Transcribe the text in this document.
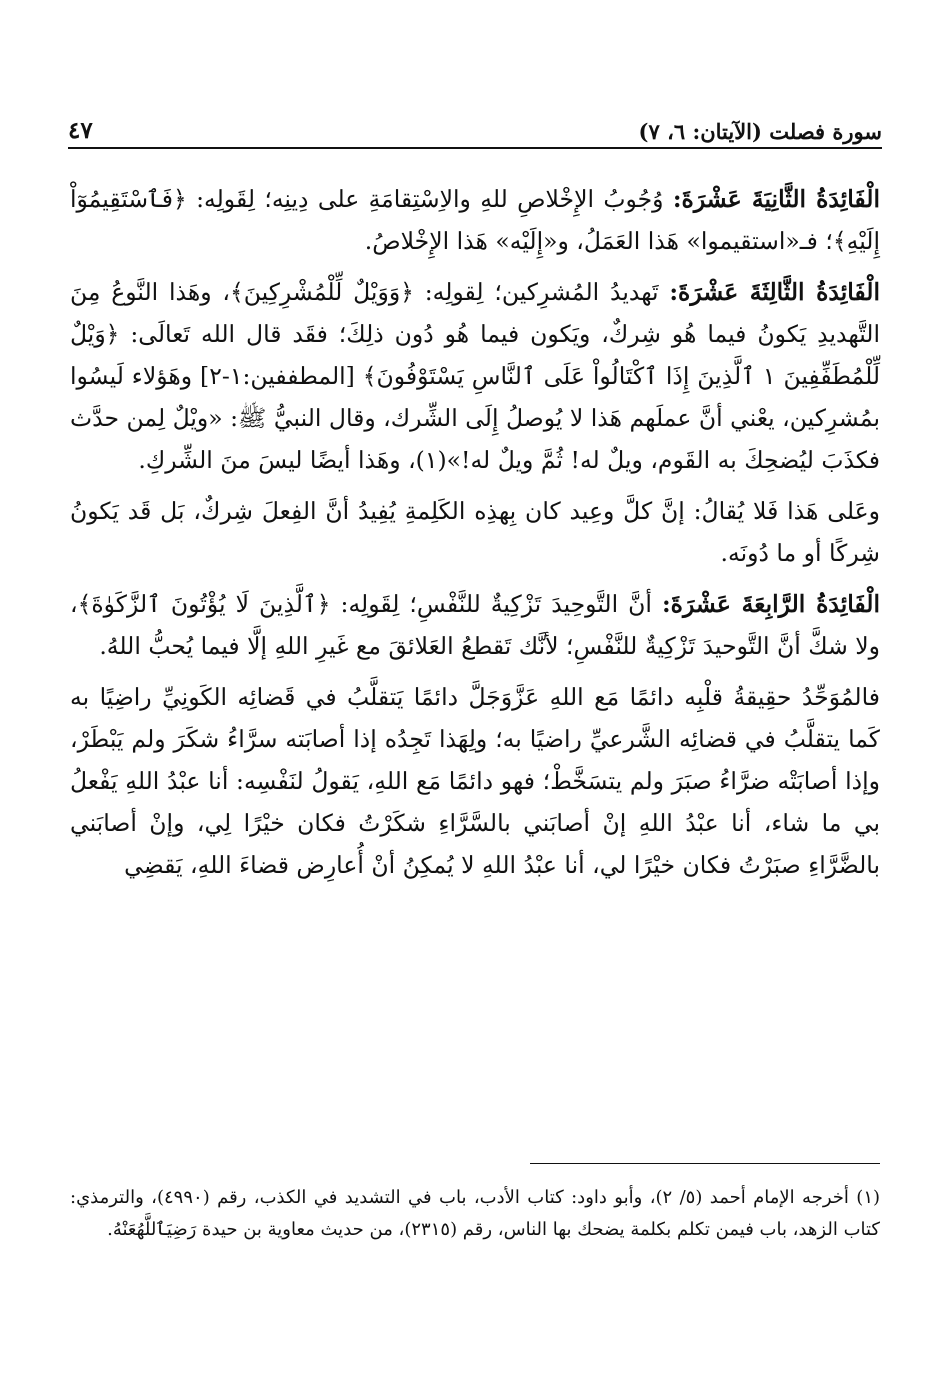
سورة فصلت (الآيتان: ٦، ٧)
٤٧

الْفَائِدَةُ الثَّانِيَةَ عَشْرَةَ: وُجُوبُ الإِخْلاصِ للهِ والاِسْتِقامَةِ على دِينِه؛ لِقَولِه: ﴿فَٱسْتَقِيمُوٓاْ إِلَيْهِ﴾؛ فـ«استقيموا» هَذا العَمَلُ، و«إِلَيْه» هَذا الإِخْلاصُ.

الْفَائِدَةُ الثَّالِثَةَ عَشْرَةَ: تَهديدُ المُشرِكين؛ لِقولِه: ﴿وَوَيْلٌ لِّلْمُشْرِكِينَ﴾، وهَذا النَّوعُ مِنَ التَّهديدِ يَكونُ فيما هُو شِركٌ، ويَكون فيما هُو دُون ذلِكَ؛ فقَد قال الله تَعالَى: ﴿وَيْلٌ لِّلْمُطَفِّفِينَ ١ ٱلَّذِينَ إِذَا ٱكْتَالُواْ عَلَى ٱلنَّاسِ يَسْتَوْفُونَ﴾ [المطففين:١-٢] وهَؤلاء لَيسُوا بمُشرِكين، يعْني أنَّ عملَهم هَذا لا يُوصلُ إِلَى الشِّرك، وقال النبيُّ ﷺ: «ويْلٌ لِمن حدَّث فكذَبَ ليُضحِكَ به القَوم، ويلٌ له! ثُمَّ ويلٌ له!»(١)، وهَذا أيضًا ليسَ منَ الشِّركِ.

وعَلى هَذا فَلا يُقالُ: إنَّ كلَّ وعِيد كان بِهذِه الكَلِمةِ يُفِيدُ أنَّ الفِعلَ شِركٌ، بَل قَد يَكونُ شِركًا أو ما دُونَه.

الْفَائِدَةُ الرَّابِعَةَ عَشْرَةَ: أنَّ التَّوحِيدَ تَزْكِيةٌ للنَّفْسِ؛ لِقَولِه: ﴿ٱلَّذِينَ لَا يُؤْتُونَ ٱلزَّكَوٰةَ﴾، ولا شكَّ أنَّ التَّوحيدَ تَزْكِيةٌ للنَّفْسِ؛ لأنَّك تَقطعُ العَلائقَ مع غَيرِ اللهِ إلَّا فيما يُحبُّ اللهُ.

فالمُوَحِّدُ حقِيقةُ قلْبِه دائمًا مَع اللهِ عَزَّوَجَلَّ دائمًا يَتقلَّبُ في قَضائِه الكَونِيِّ راضِيًا به كَما يتقلَّبُ في قضائِه الشَّرعيِّ راضيًا به؛ ولِهَذا تَجِدُه إذا أصابَته سرَّاءُ شكَرَ ولم يَبْطَرْ، وإذا أصابَتْه ضرَّاءُ صبَرَ ولم يتسَخَّطْ؛ فهو دائمًا مَع اللهِ، يَقولُ لنَفْسِه: أنا عبْدُ اللهِ يَفْعلُ بي ما شاء، أنا عبْدُ اللهِ إنْ أصابَني بالسَّرَّاءِ شكَرْتُ فكان خيْرًا لِي، وإنْ أصابَني بالضَّرَّاءِ صبَرْتُ فكان خيْرًا لي، أنا عبْدُ اللهِ لا يُمكِنُ أنْ أُعارِض قضاءَ اللهِ، يَقضِي

(١) أخرجه الإمام أحمد (٥/ ٢)، وأبو داود: كتاب الأدب، باب في التشديد في الكذب، رقم (٤٩٩٠)، والترمذي: كتاب الزهد، باب فيمن تكلم بكلمة يضحك بها الناس، رقم (٢٣١٥)، من حديث معاوية بن حيدة رَضِيَٱللَّهُعَنْهُ.
